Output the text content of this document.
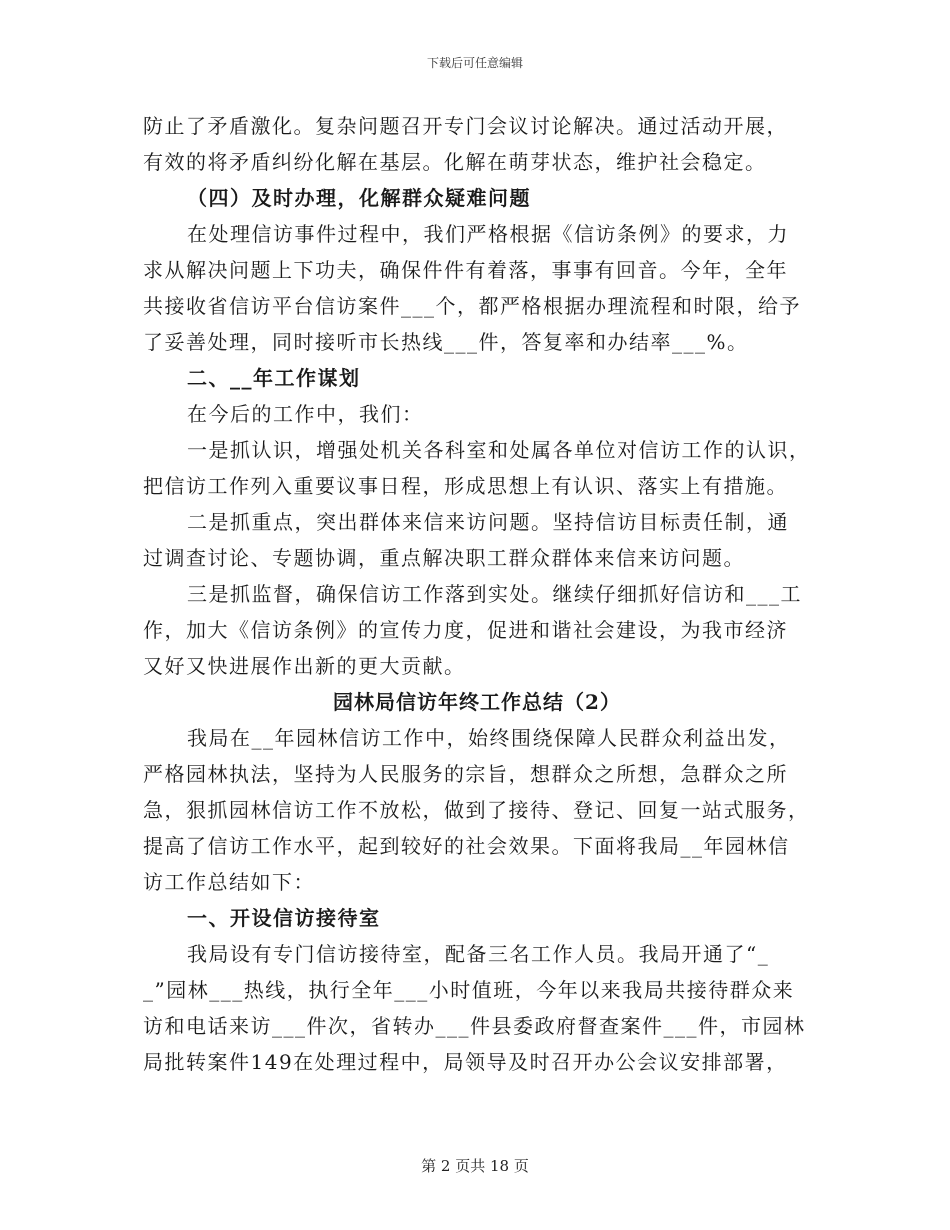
下载后可任意编辑
防止了矛盾激化。复杂问题召开专门会议讨论解决。通过活动开展，
有效的将矛盾纠纷化解在基层。化解在萌芽状态，维护社会稳定。
（四）及时办理，化解群众疑难问题
在处理信访事件过程中，我们严格根据《信访条例》的要求，力
求从解决问题上下功夫，确保件件有着落，事事有回音。今年，全年
共接收省信访平台信访案件___个，都严格根据办理流程和时限，给予
了妥善处理，同时接听市长热线___件，答复率和办结率___%。
二、__年工作谋划
在今后的工作中，我们：
一是抓认识，增强处机关各科室和处属各单位对信访工作的认识，
把信访工作列入重要议事日程，形成思想上有认识、落实上有措施。
二是抓重点，突出群体来信来访问题。坚持信访目标责任制，通
过调查讨论、专题协调，重点解决职工群众群体来信来访问题。
三是抓监督，确保信访工作落到实处。继续仔细抓好信访和___工
作，加大《信访条例》的宣传力度，促进和谐社会建设，为我市经济
又好又快进展作出新的更大贡献。
园林局信访年终工作总结（2）
我局在__年园林信访工作中，始终围绕保障人民群众利益出发，
严格园林执法，坚持为人民服务的宗旨，想群众之所想，急群众之所
急，狠抓园林信访工作不放松，做到了接待、登记、回复一站式服务，
提高了信访工作水平，起到较好的社会效果。下面将我局__年园林信
访工作总结如下：
一、开设信访接待室
我局设有专门信访接待室，配备三名工作人员。我局开通了“_
_”园林___热线，执行全年___小时值班，今年以来我局共接待群众来
访和电话来访___件次，省转办___件县委政府督查案件___件，市园林
局批转案件149在处理过程中，局领导及时召开办公会议安排部署，
第 2 页共 18 页
